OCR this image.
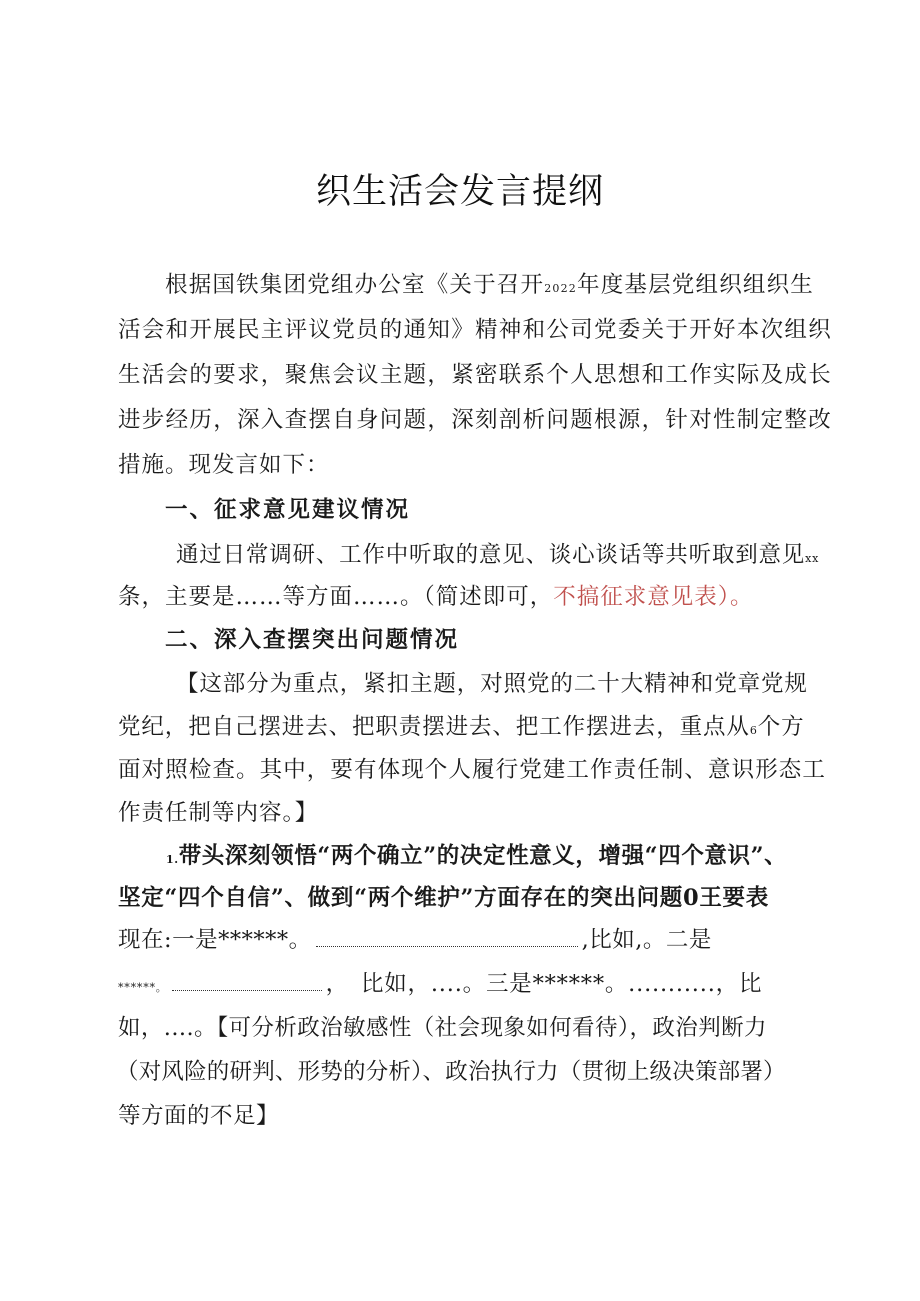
织生活会发言提纲
根据国铁集团党组办公室《关于召开2022年度基层党组织组织生
活会和开展民主评议党员的通知》精神和公司党委关于开好本次组织
生活会的要求，聚焦会议主题，紧密联系个人思想和工作实际及成长
进步经历，深入查摆自身问题，深刻剖析问题根源，针对性制定整改
措施。现发言如下：
一、征求意见建议情况
通过日常调研、工作中听取的意见、谈心谈话等共听取到意见xx
条，主要是……等方面……。（简述即可，不搞征求意见表）。
二、深入查摆突出问题情况
【这部分为重点，紧扣主题，对照党的二十大精神和党章党规
党纪，把自己摆进去、把职责摆进去、把工作摆进去，重点从6个方
面对照检查。其中，要有体现个人履行党建工作责任制、意识形态工
作责任制等内容。】
1.带头深刻领悟“两个确立”的决定性意义，增强“四个意识”、
坚定“四个自信”、做到“两个维护”方面存在的突出问题0王要表
现在:一是******。	,比如,。二是
******。	，　比如，....。三是******。...........，比
如，....。【可分析政治敏感性（社会现象如何看待），政治判断力
（对风险的研判、形势的分析）、政治执行力（贯彻上级决策部署）
等方面的不足】
